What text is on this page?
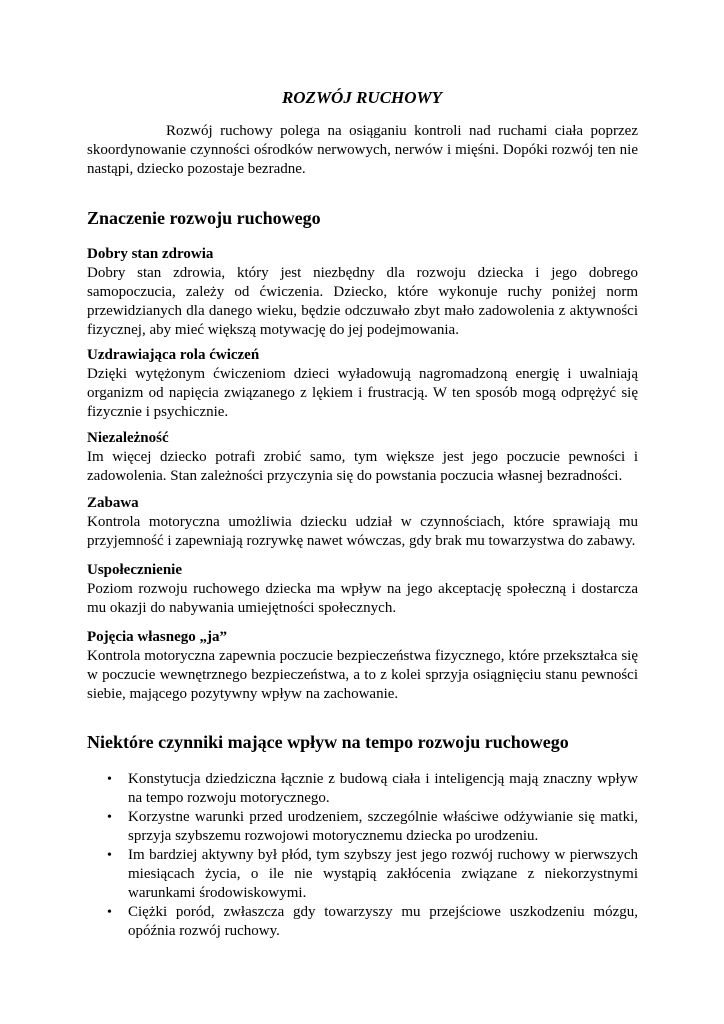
ROZWÓJ RUCHOWY

Rozwój ruchowy polega na osiąganiu kontroli nad ruchami ciała poprzez skoordynowanie czynności ośrodków nerwowych, nerwów i mięśni. Dopóki rozwój ten nie nastąpi, dziecko pozostaje bezradne.

Znaczenie rozwoju ruchowego
Dobry stan zdrowia
Dobry stan zdrowia, który jest niezbędny dla rozwoju dziecka i jego dobrego samopoczucia, zależy od ćwiczenia. Dziecko, które wykonuje ruchy poniżej norm przewidzianych dla danego wieku, będzie odczuwało zbyt mało zadowolenia z aktywności fizycznej, aby mieć większą motywację do jej podejmowania.
Uzdrawiająca rola ćwiczeń
Dzięki wytężonym ćwiczeniom dzieci wyładowują nagromadzoną energię i uwalniają organizm od napięcia związanego z lękiem i frustracją. W ten sposób mogą odprężyć się fizycznie i psychicznie.
Niezależność
Im więcej dziecko potrafi zrobić samo, tym większe jest jego poczucie pewności i zadowolenia. Stan zależności przyczynia się do powstania poczucia własnej bezradności.
Zabawa
Kontrola motoryczna umożliwia dziecku udział w czynnościach, które sprawiają mu przyjemność i zapewniają rozrywkę nawet wówczas, gdy brak mu towarzystwa do zabawy.
Uspołecznienie
Poziom rozwoju ruchowego dziecka ma wpływ na jego akceptację społeczną i dostarcza mu okazji do nabywania umiejętności społecznych.
Pojęcia własnego „ja”
Kontrola motoryczna zapewnia poczucie bezpieczeństwa fizycznego, które przekształca się w poczucie wewnętrznego bezpieczeństwa, a to z kolei sprzyja osiągnięciu stanu pewności siebie, mającego pozytywny wpływ na zachowanie.
Niektóre czynniki mające wpływ na tempo rozwoju ruchowego
• Konstytucja dziedziczna łącznie z budową ciała i inteligencją mają znaczny wpływ na tempo rozwoju motorycznego.
• Korzystne warunki przed urodzeniem, szczególnie właściwe odżywianie się matki, sprzyja szybszemu rozwojowi motorycznemu dziecka po urodzeniu.
• Im bardziej aktywny był płód, tym szybszy jest jego rozwój ruchowy w pierwszych miesiącach życia, o ile nie wystąpią zakłócenia związane z niekorzystnymi warunkami środowiskowymi.
• Ciężki poród, zwłaszcza gdy towarzyszy mu przejściowe uszkodzeniu mózgu, opóźnia rozwój ruchowy.
